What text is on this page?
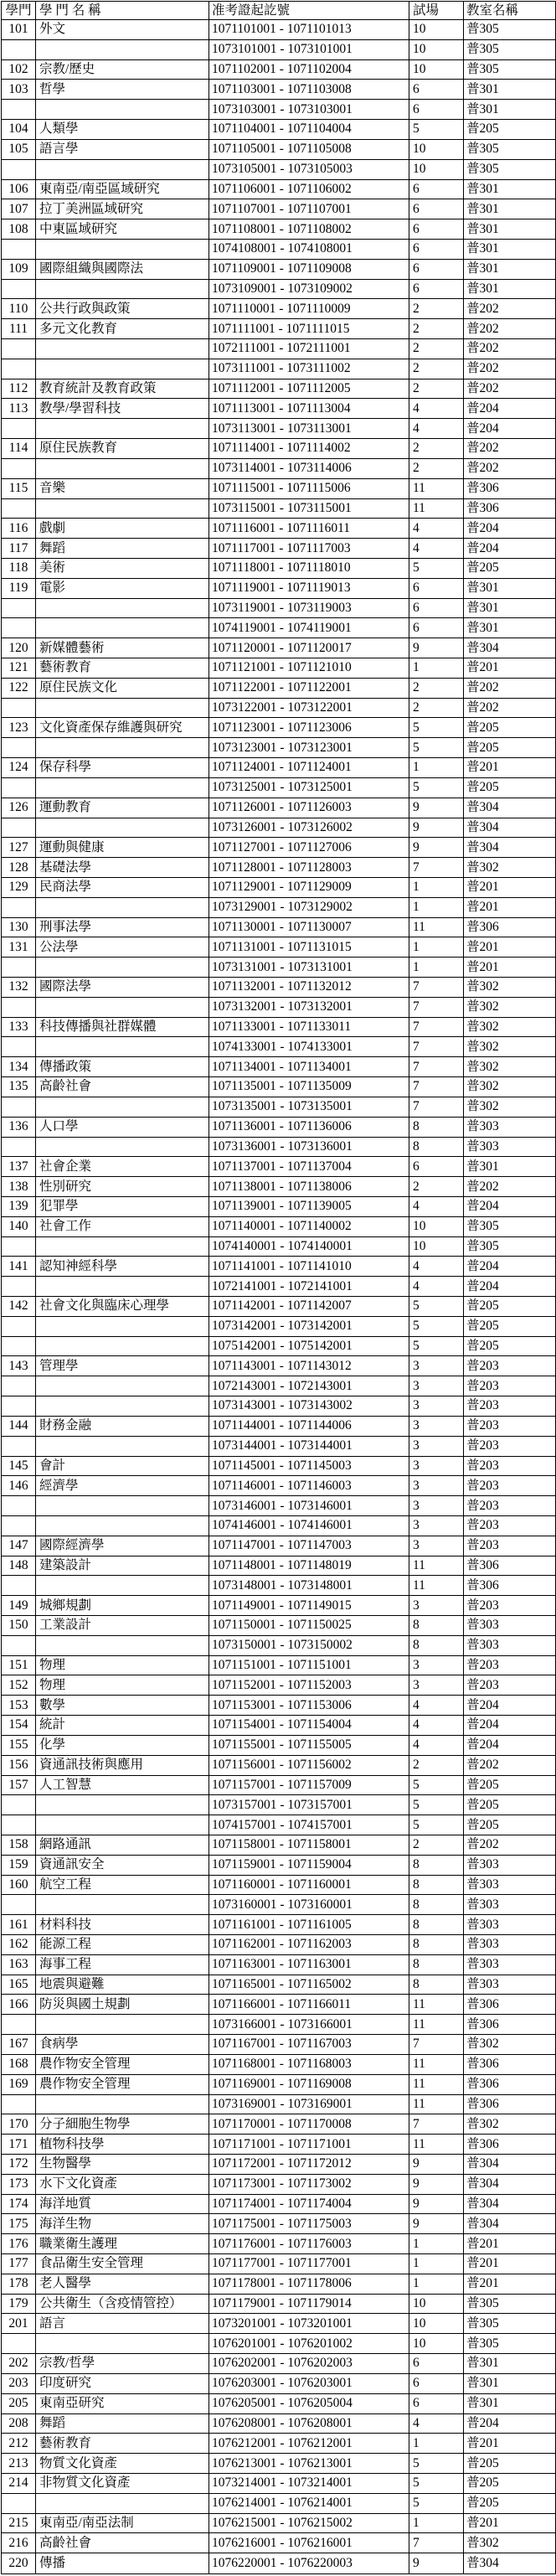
學門	學 門 名 稱	准考證起訖號	試場	教室名稱
101	外文	1071101001 - 1071101013	10	普305
		1073101001 - 1073101001	10	普305
102	宗教/歷史	1071102001 - 1071102004	10	普305
103	哲學	1071103001 - 1071103008	6	普301
		1073103001 - 1073103001	6	普301
104	人類學	1071104001 - 1071104004	5	普205
105	語言學	1071105001 - 1071105008	10	普305
		1073105001 - 1073105003	10	普305
106	東南亞/南亞區域研究	1071106001 - 1071106002	6	普301
107	拉丁美洲區域研究	1071107001 - 1071107001	6	普301
108	中東區域研究	1071108001 - 1071108002	6	普301
		1074108001 - 1074108001	6	普301
109	國際組織與國際法	1071109001 - 1071109008	6	普301
		1073109001 - 1073109002	6	普301
110	公共行政與政策	1071110001 - 1071110009	2	普202
111	多元文化教育	1071111001 - 1071111015	2	普202
		1072111001 - 1072111001	2	普202
		1073111001 - 1073111002	2	普202
112	教育統計及教育政策	1071112001 - 1071112005	2	普202
113	教學/學習科技	1071113001 - 1071113004	4	普204
		1073113001 - 1073113001	4	普204
114	原住民族教育	1071114001 - 1071114002	2	普202
		1073114001 - 1073114006	2	普202
115	音樂	1071115001 - 1071115006	11	普306
		1073115001 - 1073115001	11	普306
116	戲劇	1071116001 - 1071116011	4	普204
117	舞蹈	1071117001 - 1071117003	4	普204
118	美術	1071118001 - 1071118010	5	普205
119	電影	1071119001 - 1071119013	6	普301
		1073119001 - 1073119003	6	普301
		1074119001 - 1074119001	6	普301
120	新媒體藝術	1071120001 - 1071120017	9	普304
121	藝術教育	1071121001 - 1071121010	1	普201
122	原住民族文化	1071122001 - 1071122001	2	普202
		1073122001 - 1073122001	2	普202
123	文化資產保存維護與研究	1071123001 - 1071123006	5	普205
		1073123001 - 1073123001	5	普205
124	保存科學	1071124001 - 1071124001	1	普201
		1073125001 - 1073125001	5	普205
126	運動教育	1071126001 - 1071126003	9	普304
		1073126001 - 1073126002	9	普304
127	運動與健康	1071127001 - 1071127006	9	普304
128	基礎法學	1071128001 - 1071128003	7	普302
129	民商法學	1071129001 - 1071129009	1	普201
		1073129001 - 1073129002	1	普201
130	刑事法學	1071130001 - 1071130007	11	普306
131	公法學	1071131001 - 1071131015	1	普201
		1073131001 - 1073131001	1	普201
132	國際法學	1071132001 - 1071132012	7	普302
		1073132001 - 1073132001	7	普302
133	科技傳播與社群媒體	1071133001 - 1071133011	7	普302
		1074133001 - 1074133001	7	普302
134	傳播政策	1071134001 - 1071134001	7	普302
135	高齡社會	1071135001 - 1071135009	7	普302
		1073135001 - 1073135001	7	普302
136	人口學	1071136001 - 1071136006	8	普303
		1073136001 - 1073136001	8	普303
137	社會企業	1071137001 - 1071137004	6	普301
138	性別研究	1071138001 - 1071138006	2	普202
139	犯罪學	1071139001 - 1071139005	4	普204
140	社會工作	1071140001 - 1071140002	10	普305
		1074140001 - 1074140001	10	普305
141	認知神經科學	1071141001 - 1071141010	4	普204
		1072141001 - 1072141001	4	普204
142	社會文化與臨床心理學	1071142001 - 1071142007	5	普205
		1073142001 - 1073142001	5	普205
		1075142001 - 1075142001	5	普205
143	管理學	1071143001 - 1071143012	3	普203
		1072143001 - 1072143001	3	普203
		1073143001 - 1073143002	3	普203
144	財務金融	1071144001 - 1071144006	3	普203
		1073144001 - 1073144001	3	普203
145	會計	1071145001 - 1071145003	3	普203
146	經濟學	1071146001 - 1071146003	3	普203
		1073146001 - 1073146001	3	普203
		1074146001 - 1074146001	3	普203
147	國際經濟學	1071147001 - 1071147003	3	普203
148	建築設計	1071148001 - 1071148019	11	普306
		1073148001 - 1073148001	11	普306
149	城鄉規劃	1071149001 - 1071149015	3	普203
150	工業設計	1071150001 - 1071150025	8	普303
		1073150001 - 1073150002	8	普303
151	物理	1071151001 - 1071151001	3	普203
152	物理	1071152001 - 1071152003	3	普203
153	數學	1071153001 - 1071153006	4	普204
154	統計	1071154001 - 1071154004	4	普204
155	化學	1071155001 - 1071155005	4	普204
156	資通訊技術與應用	1071156001 - 1071156002	2	普202
157	人工智慧	1071157001 - 1071157009	5	普205
		1073157001 - 1073157001	5	普205
		1074157001 - 1074157001	5	普205
158	網路通訊	1071158001 - 1071158001	2	普202
159	資通訊安全	1071159001 - 1071159004	8	普303
160	航空工程	1071160001 - 1071160001	8	普303
		1073160001 - 1073160001	8	普303
161	材料科技	1071161001 - 1071161005	8	普303
162	能源工程	1071162001 - 1071162003	8	普303
163	海事工程	1071163001 - 1071163001	8	普303
165	地震與避難	1071165001 - 1071165002	8	普303
166	防災與國土規劃	1071166001 - 1071166011	11	普306
		1073166001 - 1073166001	11	普306
167	食病學	1071167001 - 1071167003	7	普302
168	農作物安全管理	1071168001 - 1071168003	11	普306
169	農作物安全管理	1071169001 - 1071169008	11	普306
		1073169001 - 1073169001	11	普306
170	分子細胞生物學	1071170001 - 1071170008	7	普302
171	植物科技學	1071171001 - 1071171001	11	普306
172	生物醫學	1071172001 - 1071172012	9	普304
173	水下文化資產	1071173001 - 1071173002	9	普304
174	海洋地質	1071174001 - 1071174004	9	普304
175	海洋生物	1071175001 - 1071175003	9	普304
176	職業衛生護理	1071176001 - 1071176003	1	普201
177	食品衛生安全管理	1071177001 - 1071177001	1	普201
178	老人醫學	1071178001 - 1071178006	1	普201
179	公共衛生（含疫情管控）	1071179001 - 1071179014	10	普305
201	語言	1073201001 - 1073201001	10	普305
		1076201001 - 1076201002	10	普305
202	宗教/哲學	1076202001 - 1076202003	6	普301
203	印度研究	1076203001 - 1076203001	6	普301
205	東南亞研究	1076205001 - 1076205004	6	普301
208	舞蹈	1076208001 - 1076208001	4	普204
212	藝術教育	1076212001 - 1076212001	1	普201
213	物質文化資產	1076213001 - 1076213001	5	普205
214	非物質文化資產	1073214001 - 1073214001	5	普205
		1076214001 - 1076214001	5	普205
215	東南亞/南亞法制	1076215001 - 1076215002	1	普201
216	高齡社會	1076216001 - 1076216001	7	普302
220	傳播	1076220001 - 1076220003	9	普304
